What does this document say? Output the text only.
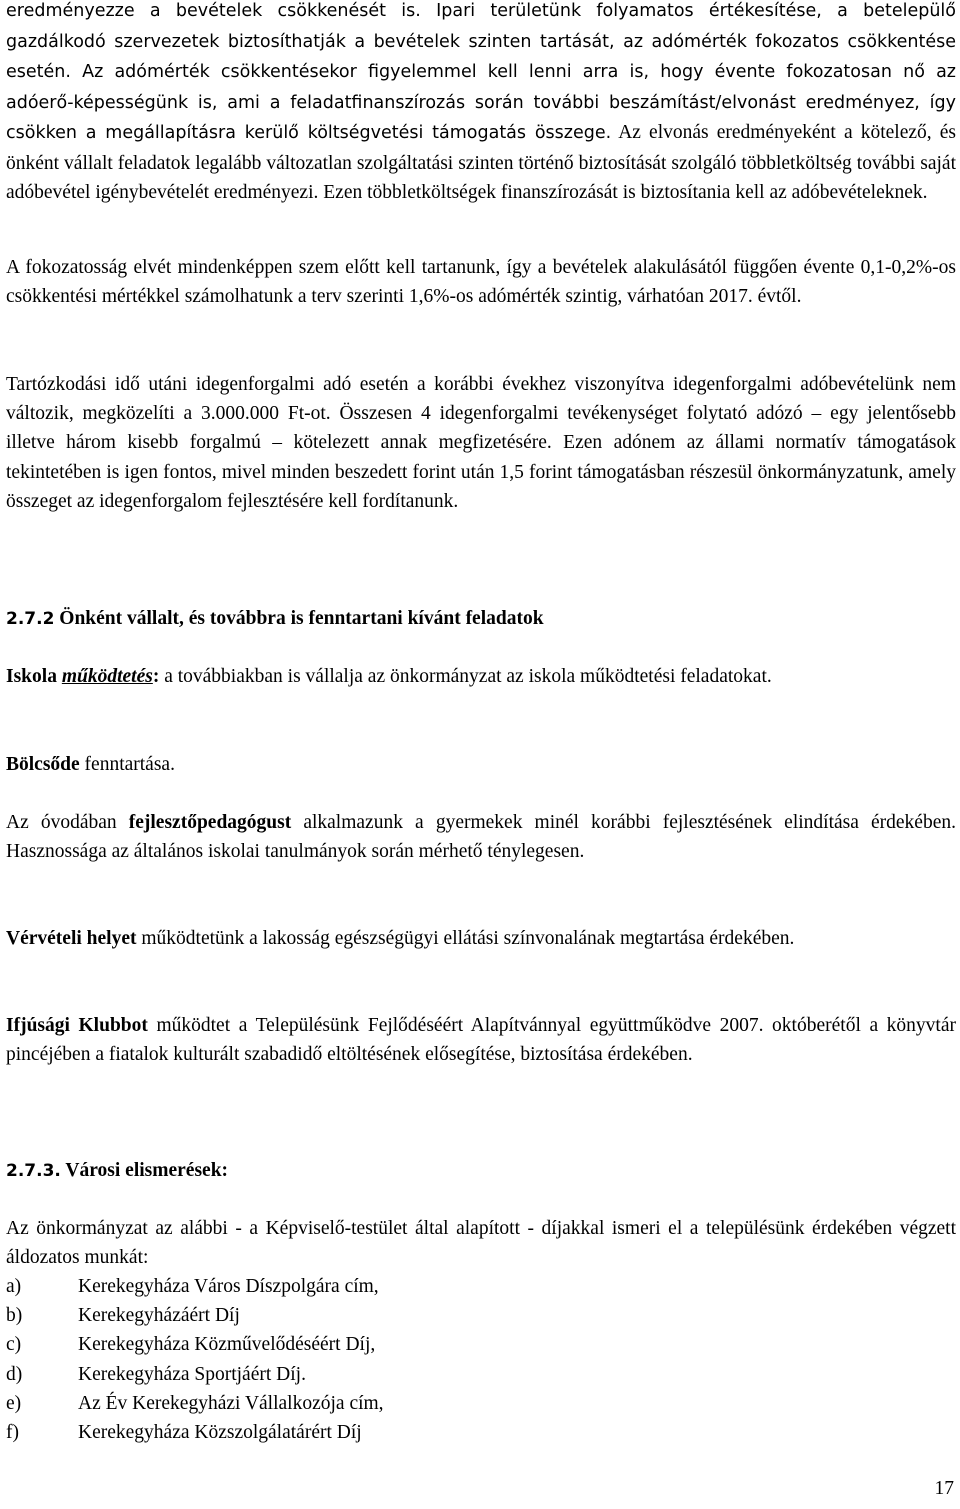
eredményezze a bevételek csökkenését is. Ipari területünk folyamatos értékesítése, a betelepülő gazdálkodó szervezetek biztosíthatják a bevételek szinten tartását, az adómérték fokozatos csökkentése esetén. Az adómérték csökkentésekor figyelemmel kell lenni arra is, hogy évente fokozatosan nő az adóerő-képességünk is, ami a feladatfinanszírozás során további beszámítást/elvonást eredményez, így csökken a megállapításra kerülő költségvetési támogatás összege. Az elvonás eredményeként a kötelező, és önként vállalt feladatok legalább változatlan szolgáltatási szinten történő biztosítását szolgáló többletköltség további saját adóbevétel igénybevételét eredményezi. Ezen többletköltségek finanszírozását is biztosítania kell az adóbevételeknek.

A fokozatosság elvét mindenképpen szem előtt kell tartanunk, így a bevételek alakulásától függően évente 0,1-0,2%-os csökkentési mértékkel számolhatunk a terv szerinti 1,6%-os adómérték szintig, várhatóan 2017. évtől.

Tartózkodási idő utáni idegenforgalmi adó esetén a korábbi évekhez viszonyítva idegenforgalmi adóbevételünk nem változik, megközelíti a 3.000.000 Ft-ot. Összesen 4 idegenforgalmi tevékenységet folytató adózó – egy jelentősebb illetve három kisebb forgalmú – kötelezett annak megfizetésére. Ezen adónem az állami normatív támogatások tekintetében is igen fontos, mivel minden beszedett forint után 1,5 forint támogatásban részesül önkormányzatunk, amely összeget az idegenforgalom fejlesztésére kell fordítanunk.

2.7.2 Önként vállalt, és továbbra is fenntartani kívánt feladatok

Iskola működtetés: a továbbiakban is vállalja az önkormányzat az iskola működtetési feladatokat.

Bölcsőde fenntartása.

Az óvodában fejlesztőpedagógust alkalmazunk a gyermekek minél korábbi fejlesztésének elindítása érdekében. Hasznossága az általános iskolai tanulmányok során mérhető ténylegesen.

Vérvételi helyet működtetünk a lakosság egészségügyi ellátási színvonalának megtartása érdekében.

Ifjúsági Klubbot működtet a Településünk Fejlődéséért Alapítvánnyal együttműködve 2007. októberétől a könyvtár pincéjében a fiatalok kulturált szabadidő eltöltésének elősegítése, biztosítása érdekében.

2.7.3. Városi elismerések:

Az önkormányzat az alábbi - a Képviselő-testület által alapított - díjakkal ismeri el a településünk érdekében végzett áldozatos munkát:

a)	Kerekegyháza Város Díszpolgára cím,
b)	Kerekegyházáért Díj
c)	Kerekegyháza Közművelődéséért Díj,
d)	Kerekegyháza Sportjáért Díj.
e)	Az Év Kerekegyházi Vállalkozója cím,
f)	Kerekegyháza Közszolgálatárért Díj
17
